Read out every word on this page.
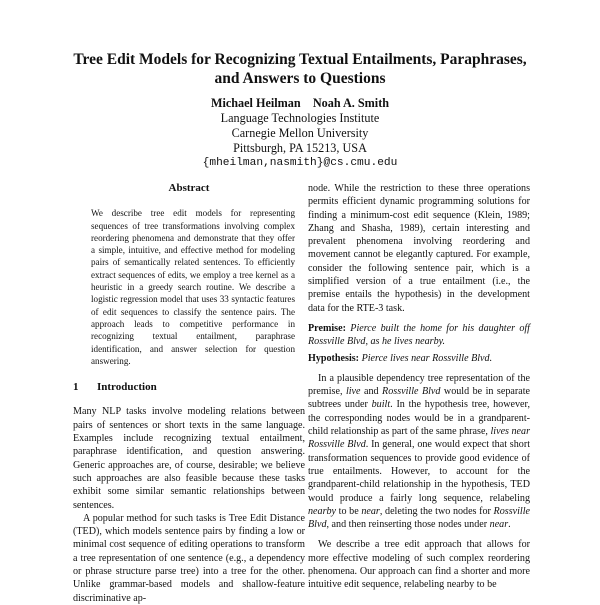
Tree Edit Models for Recognizing Textual Entailments, Paraphrases,
and Answers to Questions
Michael Heilman    Noah A. Smith
Language Technologies Institute
Carnegie Mellon University
Pittsburgh, PA 15213, USA
{mheilman,nasmith}@cs.cmu.edu
Abstract

We describe tree edit models for representing sequences of tree transformations involving complex reordering phenomena and demonstrate that they offer a simple, intuitive, and effective method for modeling pairs of semantically related sentences. To efficiently extract sequences of edits, we employ a tree kernel as a heuristic in a greedy search routine. We describe a logistic regression model that uses 33 syntactic features of edit sequences to classify the sentence pairs. The approach leads to competitive performance in recognizing textual entailment, paraphrase identification, and answer selection for question answering.

1 Introduction

Many NLP tasks involve modeling relations between pairs of sentences or short texts in the same language. Examples include recognizing textual entailment, paraphrase identification, and question answering. Generic approaches are, of course, desirable; we believe such approaches are also feasible because these tasks exhibit some similar semantic relationships between sentences.

A popular method for such tasks is Tree Edit Distance (TED), which models sentence pairs by finding a low or minimal cost sequence of editing operations to transform a tree representation of one sentence (e.g., a dependency or phrase structure parse tree) into a tree for the other. Unlike grammar-based models and shallow-feature discriminative ap-

node. While the restriction to these three operations permits efficient dynamic programming solutions for finding a minimum-cost edit sequence (Klein, 1989; Zhang and Shasha, 1989), certain interesting and prevalent phenomena involving reordering and movement cannot be elegantly captured. For example, consider the following sentence pair, which is a simplified version of a true entailment (i.e., the premise entails the hypothesis) in the development data for the RTE-3 task.

Premise: Pierce built the home for his daughter off Rossville Blvd, as he lives nearby.

Hypothesis: Pierce lives near Rossville Blvd.

In a plausible dependency tree representation of the premise, live and Rossville Blvd would be in separate subtrees under built. In the hypothesis tree, however, the corresponding nodes would be in a grandparent-child relationship as part of the same phrase, lives near Rossville Blvd. In general, one would expect that short transformation sequences to provide good evidence of true entailments. However, to account for the grandparent-child relationship in the hypothesis, TED would produce a fairly long sequence, relabeling nearby to be near, deleting the two nodes for Rossville Blvd, and then reinserting those nodes under near.

We describe a tree edit approach that allows for more effective modeling of such complex reordering phenomena. Our approach can find a shorter and more intuitive edit sequence, relabeling nearby to be
